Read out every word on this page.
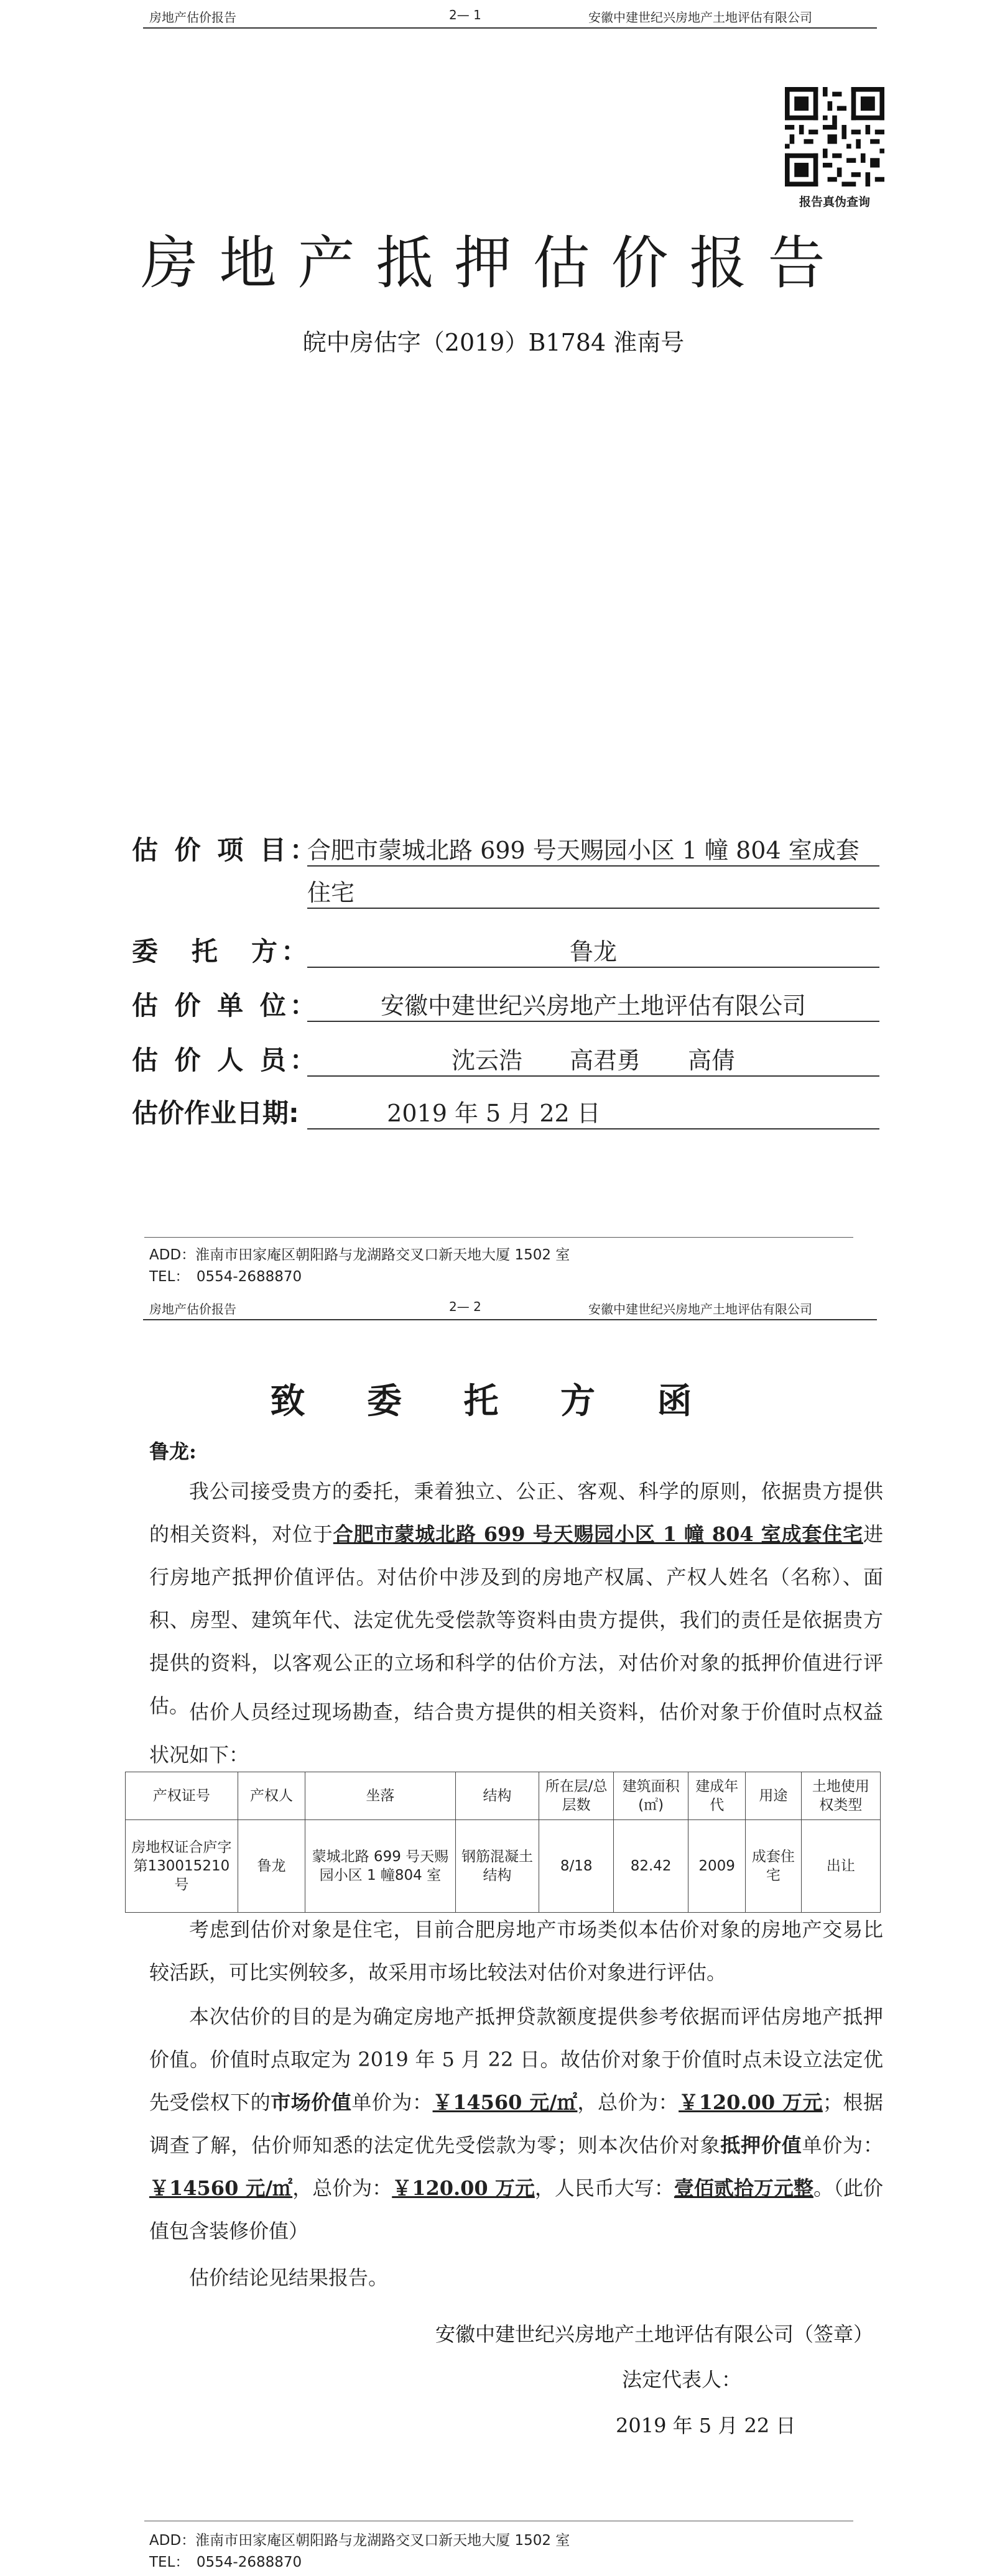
房地产估价报告	2— 1	安徽中建世纪兴房地产土地评估有限公司
报告真伪查询
房地产抵押估价报告
皖中房估字（2019）B1784 淮南号
估 价 项 目：
合肥市蒙城北路 699 号天赐园小区 1 幢 804 室成套
住宅
委　托　方：	鲁龙
估 价 单 位：	安徽中建世纪兴房地产土地评估有限公司
估 价 人 员：	沈云浩　　高君勇　　高倩
估价作业日期:	2019 年 5 月 22 日
ADD：淮南市田家庵区朝阳路与龙湖路交叉口新天地大厦 1502 室
TEL：　0554-2688870
房地产估价报告	2— 2	安徽中建世纪兴房地产土地评估有限公司
致 委 托 方 函
鲁龙:
我公司接受贵方的委托，秉着独立、公正、客观、科学的原则，依据贵方提供的相关资料，对位于合肥市蒙城北路 699 号天赐园小区 1 幢 804 室成套住宅进行房地产抵押价值评估。对估价中涉及到的房地产权属、产权人姓名（名称）、面积、房型、建筑年代、法定优先受偿款等资料由贵方提供，我们的责任是依据贵方提供的资料，以客观公正的立场和科学的估价方法，对估价对象的抵押价值进行评估。 估价人员经过现场勘查，结合贵方提供的相关资料，估价对象于价值时点权益状况如下：
产权证号	产权人	坐落	结构	所在层/总层数	建筑面积(㎡)	建成年代	用途	土地使用权类型
房地权证合庐字第130015210 号	鲁龙	蒙城北路 699 号天赐园小区 1 幢804 室	钢筋混凝土结构	8/18	82.42	2009	成套住宅	出让
考虑到估价对象是住宅，目前合肥房地产市场类似本估价对象的房地产交易比较活跃，可比实例较多，故采用市场比较法对估价对象进行评估。
本次估价的目的是为确定房地产抵押贷款额度提供参考依据而评估房地产抵押价值。价值时点取定为 2019 年 5 月 22 日。故估价对象于价值时点未设立法定优先受偿权下的市场价值单价为：￥14560 元/㎡，总价为：￥120.00 万元；根据调查了解，估价师知悉的法定优先受偿款为零；则本次估价对象抵押价值单价为：￥14560 元/㎡，总价为：￥120.00 万元，人民币大写：壹佰贰拾万元整。（此价值包含装修价值）
估价结论见结果报告。
安徽中建世纪兴房地产土地评估有限公司（签章）
法定代表人：
2019 年 5 月 22 日
ADD：淮南市田家庵区朝阳路与龙湖路交叉口新天地大厦 1502 室
TEL：　0554-2688870
